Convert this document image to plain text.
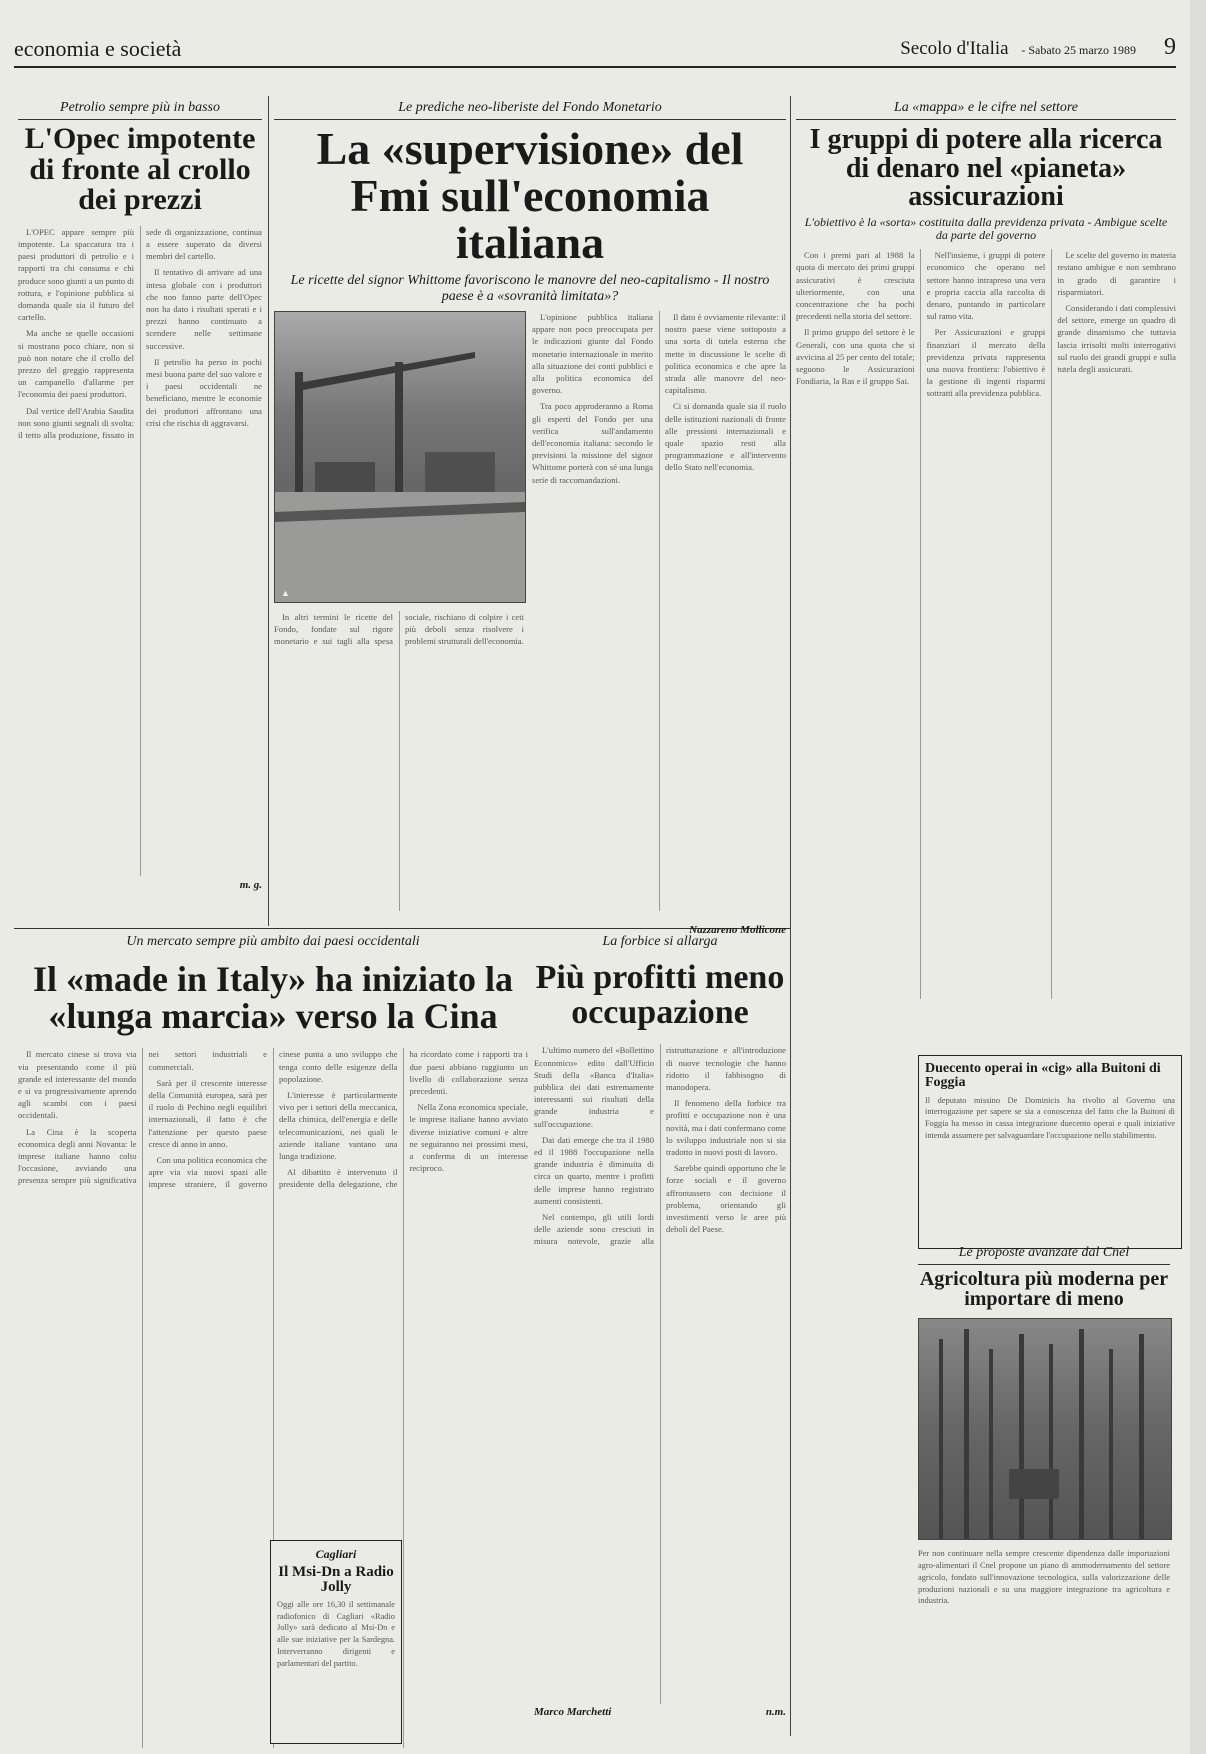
economia e società	Secolo d'Italia - Sabato 25 marzo 1989 9
Petrolio sempre più in basso
L'Opec impotente di fronte al crollo dei prezzi

L'OPEC appare sempre più impotente. La spaccatura tra i paesi produttori di petrolio e i rapporti tra chi consuma e chi produce sono giunti a un punto di rottura, e l'opinione pubblica si domanda quale sia il futuro del cartello.

Ma anche se quelle occasioni si mostrano poco chiare, non si può non notare che il crollo del prezzo del greggio rappresenta un campanello d'allarme per l'economia dei paesi produttori.

Dal vertice dell'Arabia Saudita non sono giunti segnali di svolta: il tetto alla produzione, fissato in sede di organizzazione, continua a essere superato da diversi membri del cartello.

Il tentativo di arrivare ad una intesa globale con i produttori che non fanno parte dell'Opec non ha dato i risultati sperati e i prezzi hanno continuato a scendere nelle settimane successive.

Il petrolio ha perso in pochi mesi buona parte del suo valore e i paesi occidentali ne beneficiano, mentre le economie dei produttori affrontano una crisi che rischia di aggravarsi.

m. g.
Le prediche neo-liberiste del Fondo Monetario
La «supervisione» del Fmi sull'economia italiana
Le ricette del signor Whittome favoriscono le manovre del neo-capitalismo - Il nostro paese è a «sovranità limitata»?
▲

L'opinione pubblica italiana appare non poco preoccupata per le indicazioni giunte dal Fondo monetario internazionale in merito alla situazione dei conti pubblici e alla politica economica del governo.

Tra poco approderanno a Roma gli esperti del Fondo per una verifica sull'andamento dell'economia italiana: secondo le previsioni la missione del signor Whittome porterà con sé una lunga serie di raccomandazioni.

Il dato è ovviamente rilevante: il nostro paese viene sottoposto a una sorta di tutela esterna che mette in discussione le scelte di politica economica e che apre la strada alle manovre del neo-capitalismo.

Ci si domanda quale sia il ruolo delle istituzioni nazionali di fronte alle pressioni internazionali e quale spazio resti alla programmazione e all'intervento dello Stato nell'economia.

In altri termini le ricette del Fondo, fondate sul rigore monetario e sui tagli alla spesa sociale, rischiano di colpire i ceti più deboli senza risolvere i problemi strutturali dell'economia.

Nazzareno Mollicone
La «mappa» e le cifre nel settore
I gruppi di potere alla ricerca di denaro nel «pianeta» assicurazioni
L'obiettivo è la «sorta» costituita dalla previdenza privata - Ambigue scelte da parte del governo

Con i premi pari al 1988 la quota di mercato dei primi gruppi assicurativi è cresciuta ulteriormente, con una concentrazione che ha pochi precedenti nella storia del settore.

Il primo gruppo del settore è le Generali, con una quota che si avvicina al 25 per cento del totale; seguono le Assicurazioni Fondiaria, la Ras e il gruppo Sai.

Nell'insieme, i gruppi di potere economico che operano nel settore hanno intrapreso una vera e propria caccia alla raccolta di denaro, puntando in particolare sul ramo vita.

Per Assicurazioni e gruppi finanziari il mercato della previdenza privata rappresenta una nuova frontiera: l'obiettivo è la gestione di ingenti risparmi sottratti alla previdenza pubblica.

Le scelte del governo in materia restano ambigue e non sembrano in grado di garantire i risparmiatori.

Considerando i dati complessivi del settore, emerge un quadro di grande dinamismo che tuttavia lascia irrisolti molti interrogativi sul ruolo dei grandi gruppi e sulla tutela degli assicurati.

Un mercato sempre più ambito dai paesi occidentali
Il «made in Italy» ha iniziato la «lunga marcia» verso la Cina

Il mercato cinese si trova via via presentando come il più grande ed interessante del mondo e si va progressivamente aprendo agli scambi con i paesi occidentali.

La Cina è la scoperta economica degli anni Novanta: le imprese italiane hanno colto l'occasione, avviando una presenza sempre più significativa nei settori industriali e commerciali.

Sarà per il crescente interesse della Comunità europea, sarà per il ruolo di Pechino negli equilibri internazionali, il fatto è che l'attenzione per questo paese cresce di anno in anno.

Con una politica economica che apre via via nuovi spazi alle imprese straniere, il governo cinese punta a uno sviluppo che tenga conto delle esigenze della popolazione.

L'interesse è particolarmente vivo per i settori della meccanica, della chimica, dell'energia e delle telecomunicazioni, nei quali le aziende italiane vantano una lunga tradizione.

Al dibattito è intervenuto il presidente della delegazione, che ha ricordato come i rapporti tra i due paesi abbiano raggiunto un livello di collaborazione senza precedenti.

Nella Zona economica speciale, le imprese italiane hanno avviato diverse iniziative comuni e altre ne seguiranno nei prossimi mesi, a conferma di un interesse reciproco.

Cagliari
Il Msi-Dn a Radio Jolly
Oggi alle ore 16,30 il settimanale radiofonico di Cagliari «Radio Jolly» sarà dedicato al Msi-Dn e alle sue iniziative per la Sardegna. Interverranno dirigenti e parlamentari del partito.
La forbice si allarga
Più profitti meno occupazione

L'ultimo numero del «Bollettino Economico» edito dall'Ufficio Studi della «Banca d'Italia» pubblica dei dati estremamente interessanti sui risultati della grande industria e sull'occupazione.

Dai dati emerge che tra il 1980 ed il 1988 l'occupazione nella grande industria è diminuita di circa un quarto, mentre i profitti delle imprese hanno registrato aumenti consistenti.

Nel contempo, gli utili lordi delle aziende sono cresciuti in misura notevole, grazie alla ristrutturazione e all'introduzione di nuove tecnologie che hanno ridotto il fabbisogno di manodopera.

Il fenomeno della forbice tra profitti e occupazione non è una novità, ma i dati confermano come lo sviluppo industriale non si sia tradotto in nuovi posti di lavoro.

Sarebbe quindi opportuno che le forze sociali e il governo affrontassero con decisione il problema, orientando gli investimenti verso le aree più deboli del Paese.

Marco Marchetti	n.m.
Duecento operai in «cig» alla Buitoni di Foggia
Il deputato missino De Dominicis ha rivolto al Governo una interrogazione per sapere se sia a conoscenza del fatto che la Buitoni di Foggia ha messo in cassa integrazione duecento operai e quali iniziative intenda assumere per salvaguardare l'occupazione nello stabilimento.
Le proposte avanzate dal Cnel
Agricoltura più moderna per importare di meno
Per non continuare nella sempre crescente dipendenza dalle importazioni agro-alimentari il Cnel propone un piano di ammodernamento del settore agricolo, fondato sull'innovazione tecnologica, sulla valorizzazione delle produzioni nazionali e su una maggiore integrazione tra agricoltura e industria.
